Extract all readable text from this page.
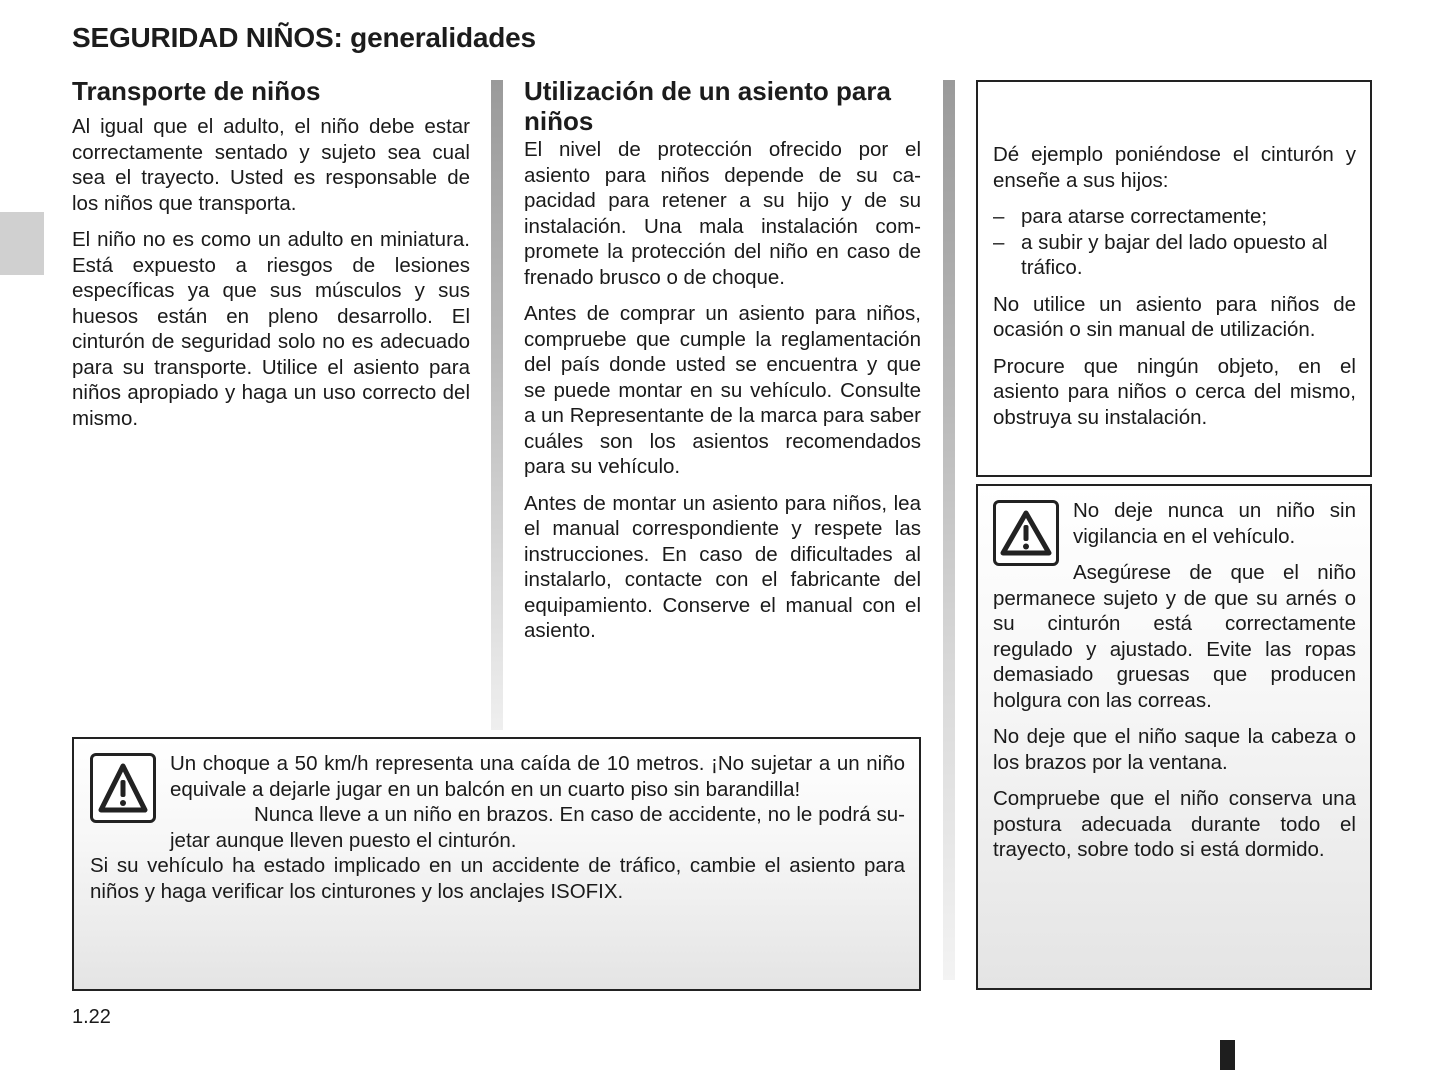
SEGURIDAD NIÑOS: generalidades
Transporte de niños

Al igual que el adulto, el niño debe estar correctamente sentado y sujeto sea cual sea el trayecto. Usted es responsable de los niños que transporta.

El niño no es como un adulto en miniatura. Está expuesto a riesgos de lesiones específicas ya que sus músculos y sus huesos están en pleno desarrollo. El cinturón de seguridad solo no es adecuado para su transporte. Utilice el asiento para niños apropiado y haga un uso correcto del mismo.

Utilización de un asiento para niños

El nivel de protección ofrecido por el asiento para niños depende de su capacidad para retener a su hijo y de su instalación. Una mala instalación compromete la protección del niño en caso de frenado brusco o de choque.

Antes de comprar un asiento para niños, compruebe que cumple la reglamentación del país donde usted se encuentra y que se puede montar en su vehículo. Consulte a un Representante de la marca para saber cuáles son los asientos recomendados para su vehículo.

Antes de montar un asiento para niños, lea el manual correspondiente y respete las instrucciones. En caso de dificultades al instalarlo, contacte con el fabricante del equipamiento. Conserve el manual con el asiento.

Dé ejemplo poniéndose el cinturón y enseñe a sus hijos:

– para atarse correctamente;
– a subir y bajar del lado opuesto al tráfico.

No utilice un asiento para niños de ocasión o sin manual de utilización.

Procure que ningún objeto, en el asiento para niños o cerca del mismo, obstruya su instalación.

No deje nunca un niño sin vigilancia en el vehículo.

Asegúrese de que el niño permanece sujeto y de que su arnés o su cinturón está correctamente regulado y ajustado. Evite las ropas demasiado gruesas que producen holgura con las correas.

No deje que el niño saque la cabeza o los brazos por la ventana.

Compruebe que el niño conserva una postura adecuada durante todo el trayecto, sobre todo si está dormido.

Un choque a 50 km/h representa una caída de 10 metros. ¡No sujetar a un niño equivale a dejarle jugar en un balcón en un cuarto piso sin barandilla!

Nunca lleve a un niño en brazos. En caso de accidente, no le podrá sujetar aunque lleven puesto el cinturón.

Si su vehículo ha estado implicado en un accidente de tráfico, cambie el asiento para niños y haga verificar los cinturones y los anclajes ISOFIX.

1.22
